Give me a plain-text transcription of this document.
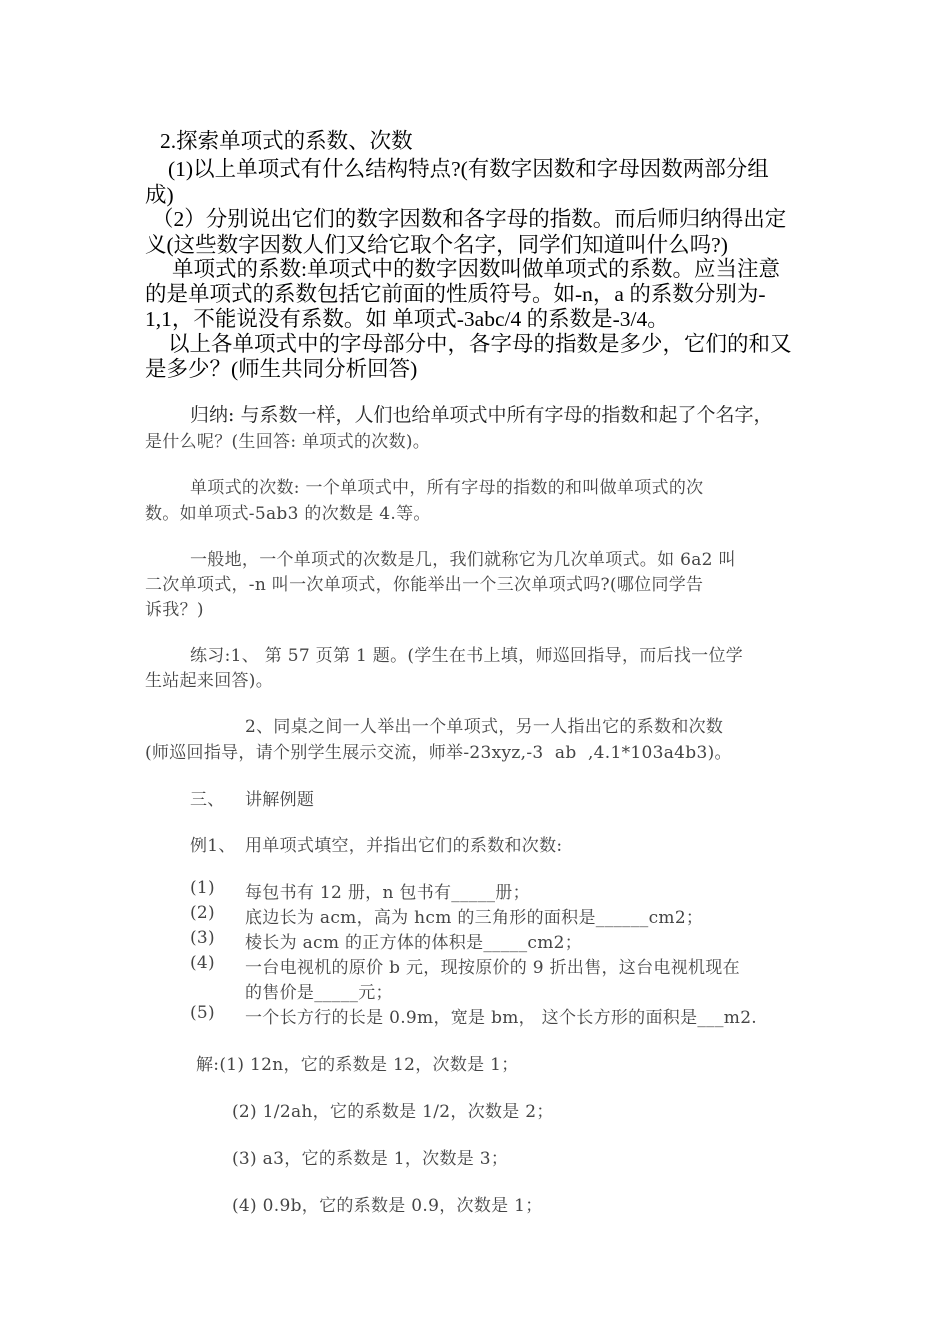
2.探索单项式的系数、次数
(1)以上单项式有什么结构特点?(有数字因数和字母因数两部分组
成)
（2）分别说出它们的数字因数和各字母的指数。而后师归纳得出定
义(这些数字因数人们又给它取个名字，同学们知道叫什么吗?)
单项式的系数:单项式中的数字因数叫做单项式的系数。应当注意
的是单项式的系数包括它前面的性质符号。如-n，a 的系数分别为-
1,1，不能说没有系数。如 单项式-3abc/4 的系数是-3/4。
以上各单项式中的字母部分中，各字母的指数是多少，它们的和又
是多少？(师生共同分析回答)
归纳: 与系数一样，人们也给单项式中所有字母的指数和起了个名字，
是什么呢？(生回答: 单项式的次数)。
单项式的次数: 一个单项式中，所有字母的指数的和叫做单项式的次
数。如单项式-5ab3 的次数是 4.等。
一般地，一个单项式的次数是几，我们就称它为几次单项式。如 6a2 叫
二次单项式，-n 叫一次单项式，你能举出一个三次单项式吗?(哪位同学告
诉我？)
练习:1、 第 57 页第 1 题。(学生在书上填，师巡回指导，而后找一位学
生站起来回答)。
2、同桌之间一人举出一个单项式，另一人指出它的系数和次数
(师巡回指导，请个别学生展示交流，师举-23xyz,-3  ab  ,4.1*103a4b3)。
三、 讲解例题
例1、 用单项式填空，并指出它们的系数和次数:
(1) 每包书有 12 册，n 包书有_____册；
(2) 底边长为 acm，高为 hcm 的三角形的面积是______cm2；
(3) 棱长为 acm 的正方体的体积是_____cm2；
(4) 一台电视机的原价 b 元，现按原价的 9 折出售，这台电视机现在
的售价是_____元；
(5) 一个长方行的长是 0.9m，宽是 bm， 这个长方形的面积是___m2.
解:(1) 12n，它的系数是 12，次数是 1；
(2) 1/2ah，它的系数是 1/2，次数是 2；
(3) a3，它的系数是 1，次数是 3；
(4) 0.9b，它的系数是 0.9，次数是 1；
